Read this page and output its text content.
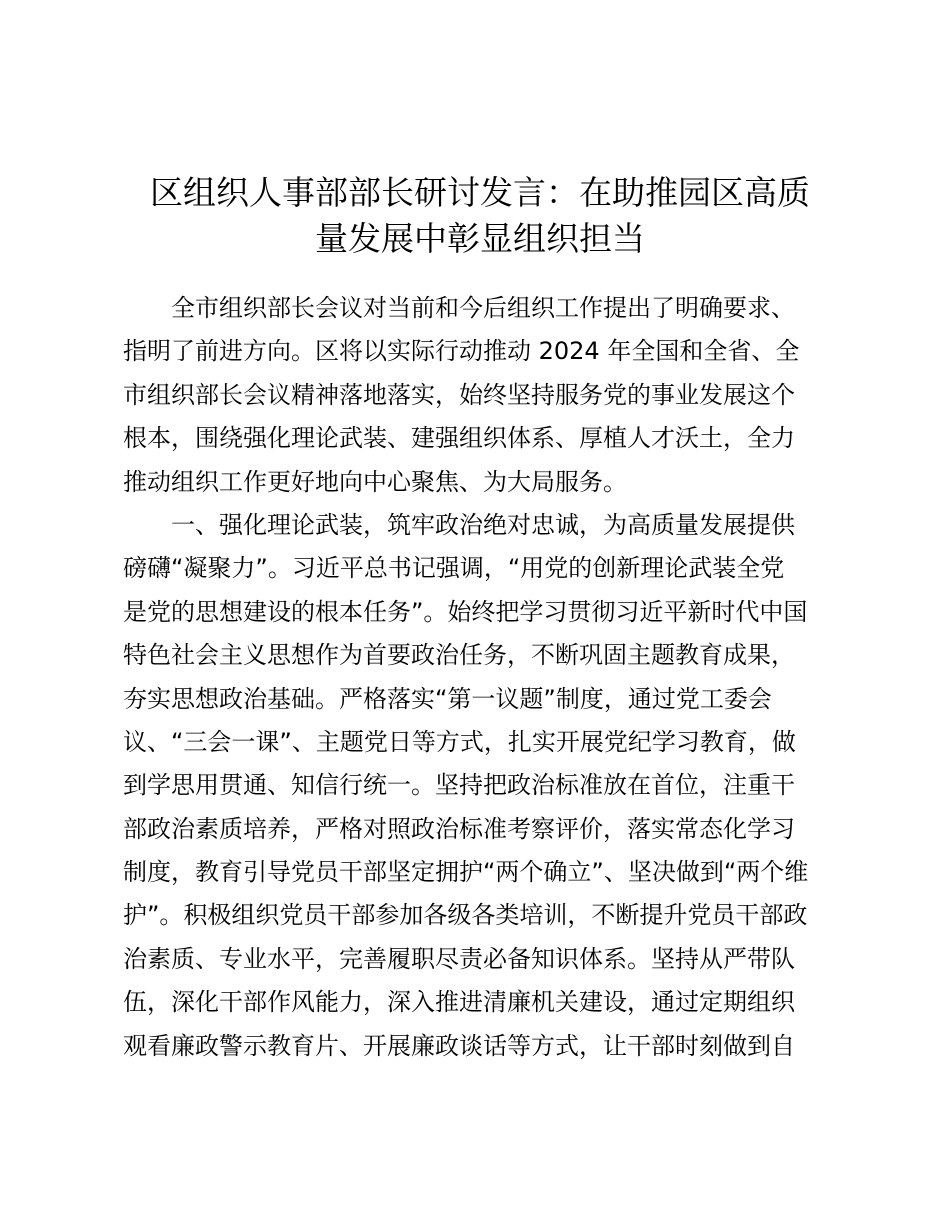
区组织人事部部长研讨发言：在助推园区高质
量发展中彰显组织担当
全市组织部长会议对当前和今后组织工作提出了明确要求、
指明了前进方向。区将以实际行动推动 2024 年全国和全省、全
市组织部长会议精神落地落实，始终坚持服务党的事业发展这个
根本，围绕强化理论武装、建强组织体系、厚植人才沃土，全力
推动组织工作更好地向中心聚焦、为大局服务。
一、强化理论武装，筑牢政治绝对忠诚，为高质量发展提供
磅礴“凝聚力”。习近平总书记强调，“用党的创新理论武装全党
是党的思想建设的根本任务”。始终把学习贯彻习近平新时代中国
特色社会主义思想作为首要政治任务，不断巩固主题教育成果，
夯实思想政治基础。严格落实“第一议题”制度，通过党工委会
议、“三会一课”、主题党日等方式，扎实开展党纪学习教育，做
到学思用贯通、知信行统一。坚持把政治标准放在首位，注重干
部政治素质培养，严格对照政治标准考察评价，落实常态化学习
制度，教育引导党员干部坚定拥护“两个确立”、坚决做到“两个维
护”。积极组织党员干部参加各级各类培训，不断提升党员干部政
治素质、专业水平，完善履职尽责必备知识体系。坚持从严带队
伍，深化干部作风能力，深入推进清廉机关建设，通过定期组织
观看廉政警示教育片、开展廉政谈话等方式，让干部时刻做到自
